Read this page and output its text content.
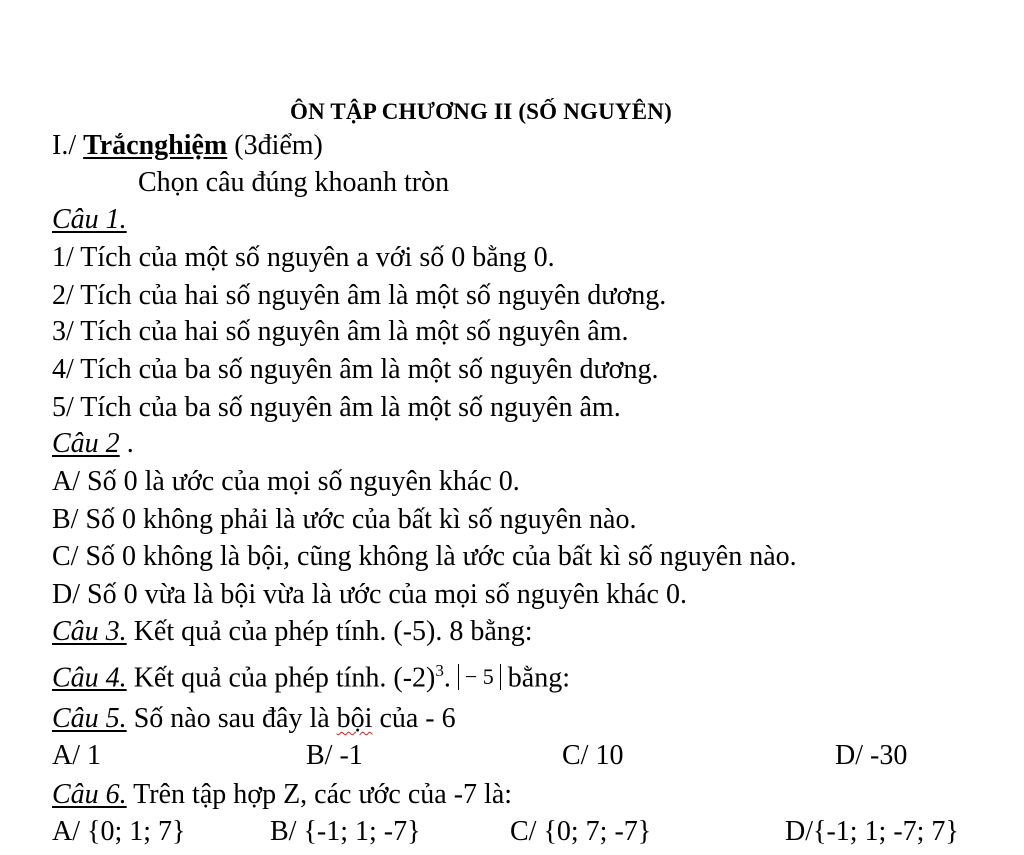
ÔN TẬP CHƯƠNG II (SỐ NGUYÊN)
I./ Trắcnghiệm (3điểm)
Chọn câu đúng khoanh tròn
Câu 1.
1/ Tích của một số nguyên a với số 0 bằng 0.
2/ Tích của hai số nguyên âm là một số nguyên dương.
3/ Tích của hai số nguyên âm là một số nguyên âm.
4/ Tích của ba số nguyên âm là một số nguyên dương.
5/ Tích của ba số nguyên âm là một số nguyên âm.
Câu 2 .
A/ Số 0 là ước của mọi số nguyên khác 0.
B/ Số 0 không phải là ước của bất kì số nguyên nào.
C/ Số 0 không là bội, cũng không là ước của bất kì số nguyên nào.
D/ Số 0 vừa là bội vừa là ước của mọi số nguyên khác 0.
Câu 3. Kết quả của phép tính. (-5). 8 bằng:
Câu 4. Kết quả của phép tính. $(-2)^3$. − 5 bằng:
Câu 5. Số nào sau đây là bội của - 6
A/ 1	B/ -1	C/ 10	D/ -30
Câu 6. Trên tập hợp Z, các ước của -7 là:
A/ {0; 1; 7}	B/ {-1; 1; -7}	C/ {0; 7; -7}	D/{-1; 1; -7; 7}
